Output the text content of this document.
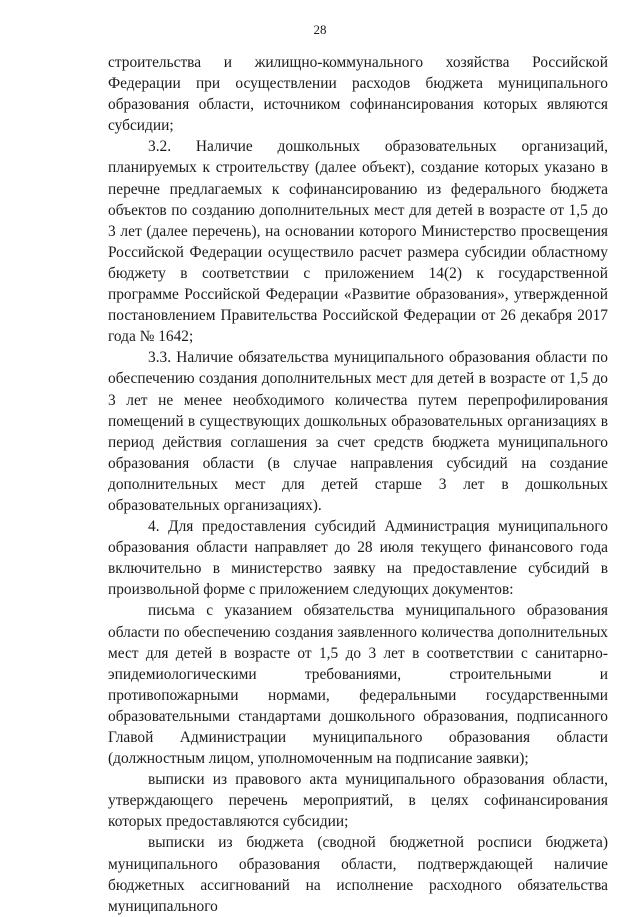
28

строительства и жилищно-коммунального хозяйства Российской Федерации при осуществлении расходов бюджета муниципального образования области, источником софинансирования которых являются субсидии;

3.2. Наличие дошкольных образовательных организаций, планируемых к строительству (далее объект), создание которых указано в перечне предлагаемых к софинансированию из федерального бюджета объектов по созданию дополнительных мест для детей в возрасте от 1,5 до 3 лет (далее перечень), на основании которого Министерство просвещения Российской Федерации осуществило расчет размера субсидии областному бюджету в соответствии с приложением 14(2) к государственной программе Российской Федерации «Развитие образования», утвержденной постановлением Правительства Российской Федерации от 26 декабря 2017 года № 1642;

3.3. Наличие обязательства муниципального образования области по обеспечению создания дополнительных мест для детей в возрасте от 1,5 до 3 лет не менее необходимого количества путем перепрофилирования помещений в существующих дошкольных образовательных организациях в период действия соглашения за счет средств бюджета муниципального образования области (в случае направления субсидий на создание дополнительных мест для детей старше 3 лет в дошкольных образовательных организациях).

4. Для предоставления субсидий Администрация муниципального образования области направляет до 28 июля текущего финансового года включительно в министерство заявку на предоставление субсидий в произвольной форме с приложением следующих документов:

письма с указанием обязательства муниципального образования области по обеспечению создания заявленного количества дополнительных мест для детей в возрасте от 1,5 до 3 лет в соответствии с санитарно-эпидемиологическими требованиями, строительными и противопожарными нормами, федеральными государственными образовательными стандартами дошкольного образования, подписанного Главой Администрации муниципального образования области (должностным лицом, уполномоченным на подписание заявки);

выписки из правового акта муниципального образования области, утверждающего перечень мероприятий, в целях софинансирования которых предоставляются субсидии;

выписки из бюджета (сводной бюджетной росписи бюджета) муниципального образования области, подтверждающей наличие бюджетных ассигнований на исполнение расходного обязательства муниципального
